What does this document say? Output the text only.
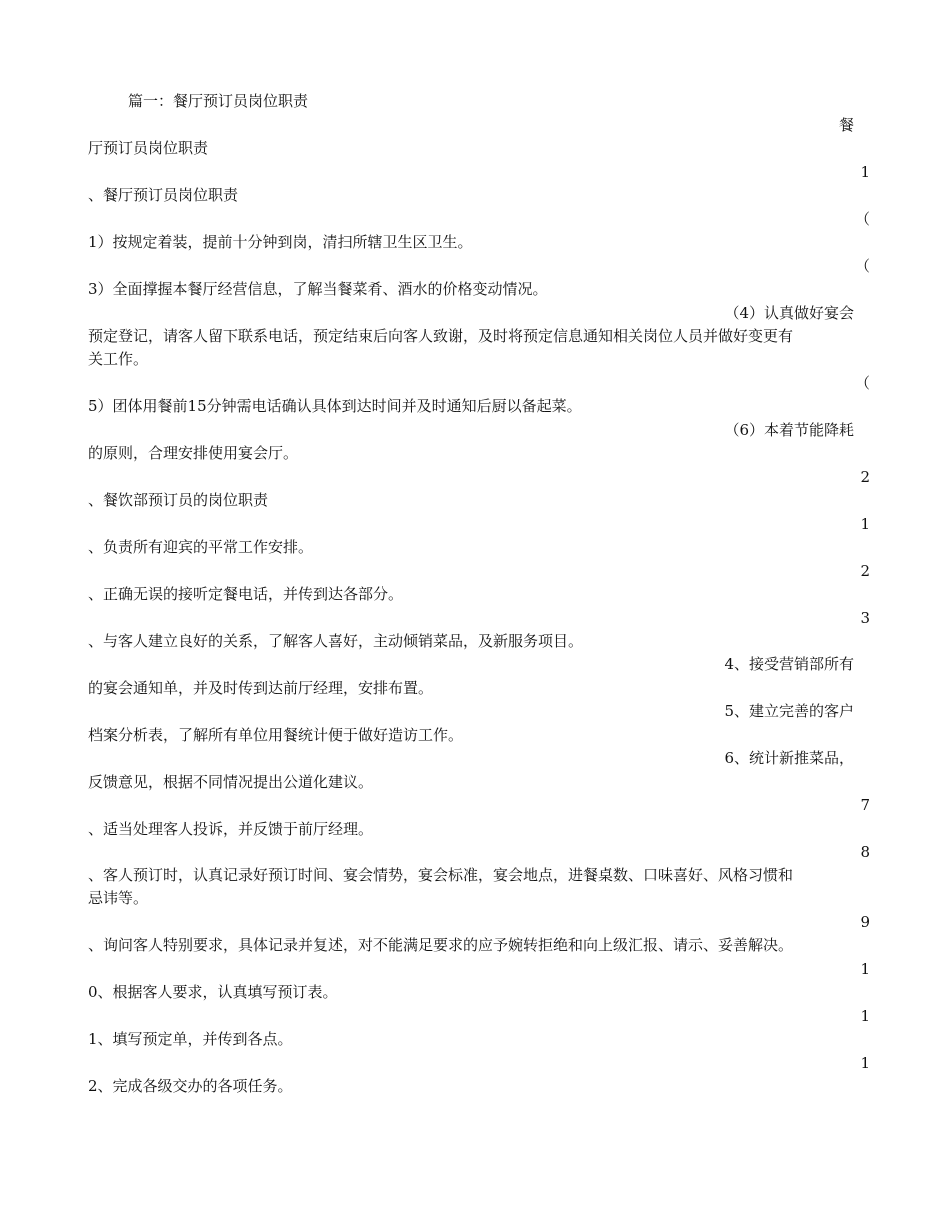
篇一：餐厅预订员岗位职责
餐
厅预订员岗位职责
1
、餐厅预订员岗位职责
（
1）按规定着装，提前十分钟到岗，清扫所辖卫生区卫生。
（
3）全面撑握本餐厅经营信息，了解当餐菜肴、酒水的价格变动情况。
（4）认真做好宴会
预定登记，请客人留下联系电话，预定结束后向客人致谢，及时将预定信息通知相关岗位人员并做好变更有
关工作。
（
5）团体用餐前15分钟需电话确认具体到达时间并及时通知后厨以备起菜。
（6）本着节能降耗
的原则，合理安排使用宴会厅。
2
、餐饮部预订员的岗位职责
1
、负责所有迎宾的平常工作安排。
2
、正确无误的接听定餐电话，并传到达各部分。
3
、与客人建立良好的关系，了解客人喜好，主动倾销菜品，及新服务项目。
4、接受营销部所有
的宴会通知单，并及时传到达前厅经理，安排布置。
5、建立完善的客户
档案分析表，了解所有单位用餐统计便于做好造访工作。
6、统计新推菜品，
反馈意见，根据不同情况提出公道化建议。
7
、适当处理客人投诉，并反馈于前厅经理。
8
、客人预订时，认真记录好预订时间、宴会情势，宴会标准，宴会地点，进餐桌数、口味喜好、风格习惯和
忌讳等。
9
、询问客人特别要求，具体记录并复述，对不能满足要求的应予婉转拒绝和向上级汇报、请示、妥善解决。
1
0、根据客人要求，认真填写预订表。
1
1、填写预定单，并传到各点。
1
2、完成各级交办的各项任务。
